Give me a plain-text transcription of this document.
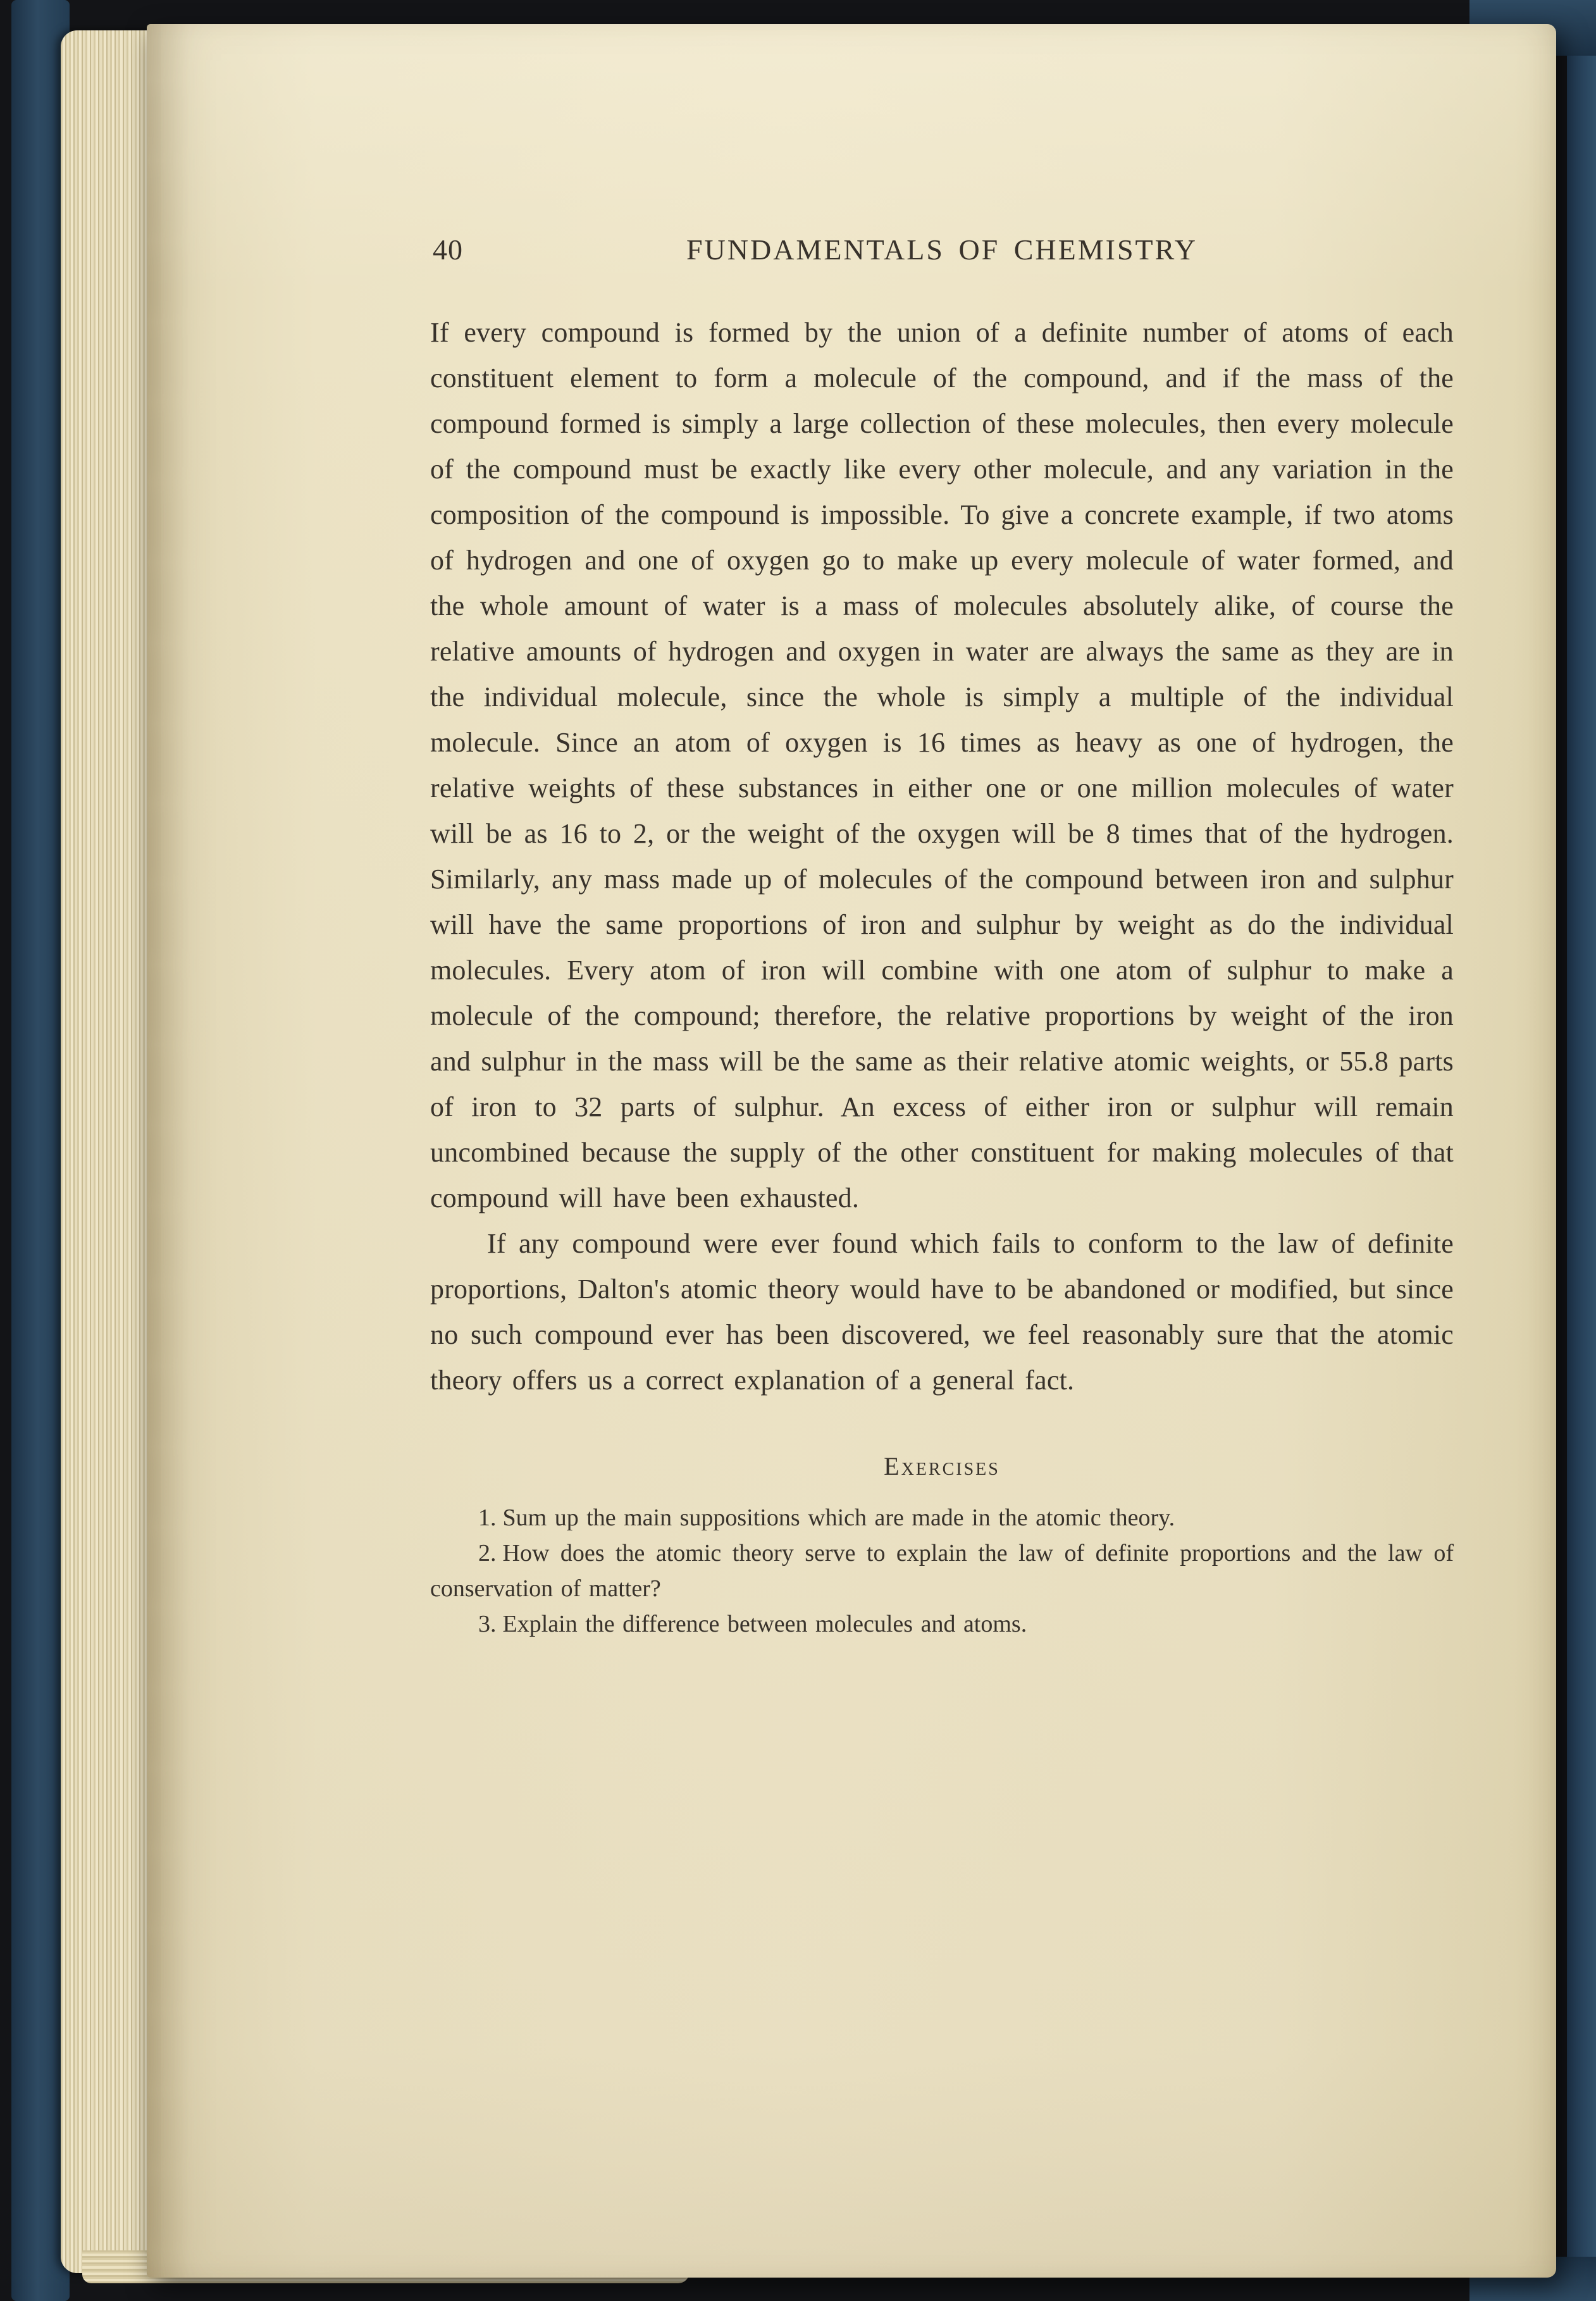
40	FUNDAMENTALS OF CHEMISTRY

If every compound is formed by the union of a definite number of atoms of each constituent element to form a molecule of the compound, and if the mass of the compound formed is simply a large collection of these molecules, then every molecule of the compound must be exactly like every other molecule, and any variation in the composition of the compound is impossible. To give a concrete example, if two atoms of hydrogen and one of oxygen go to make up every molecule of water formed, and the whole amount of water is a mass of molecules absolutely alike, of course the relative amounts of hydrogen and oxygen in water are always the same as they are in the individual molecule, since the whole is simply a multiple of the individual molecule. Since an atom of oxygen is 16 times as heavy as one of hydrogen, the relative weights of these substances in either one or one million molecules of water will be as 16 to 2, or the weight of the oxygen will be 8 times that of the hydrogen. Similarly, any mass made up of molecules of the compound between iron and sulphur will have the same proportions of iron and sulphur by weight as do the individual molecules. Every atom of iron will combine with one atom of sulphur to make a molecule of the compound; therefore, the relative proportions by weight of the iron and sulphur in the mass will be the same as their relative atomic weights, or 55.8 parts of iron to 32 parts of sulphur. An excess of either iron or sulphur will remain uncombined because the supply of the other constituent for making molecules of that compound will have been exhausted.

If any compound were ever found which fails to conform to the law of definite proportions, Dalton's atomic theory would have to be abandoned or modified, but since no such compound ever has been discovered, we feel reasonably sure that the atomic theory offers us a correct explanation of a general fact.

Exercises

1. Sum up the main suppositions which are made in the atomic theory.

2. How does the atomic theory serve to explain the law of definite proportions and the law of conservation of matter?

3. Explain the difference between molecules and atoms.
